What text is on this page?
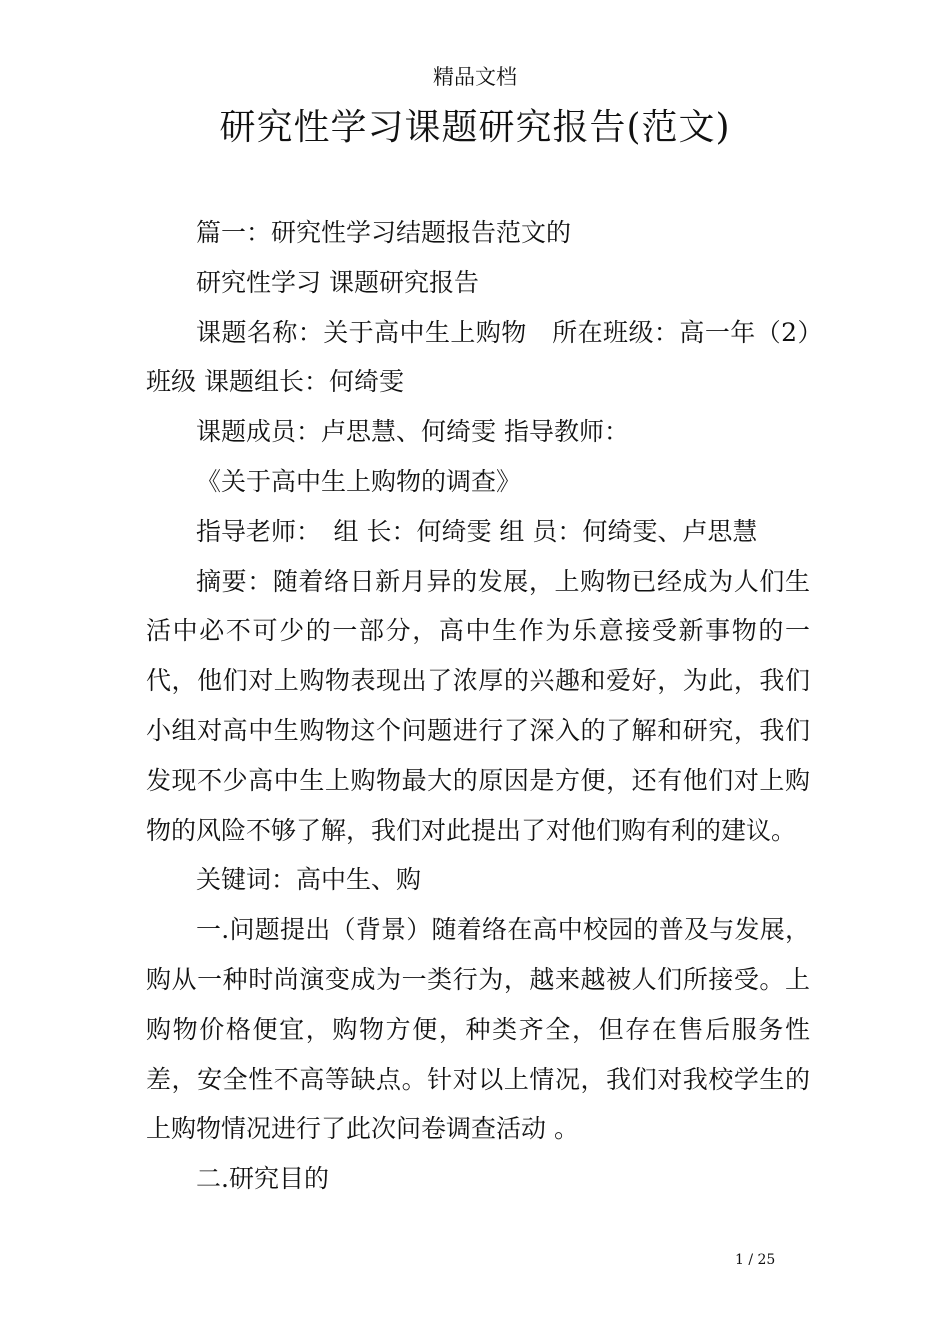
精品文档
研究性学习课题研究报告(范文)

篇一：研究性学习结题报告范文的

研究性学习 课题研究报告

课题名称：关于高中生上购物　所在班级：高一年（2）班级 课题组长：何绮雯

课题成员：卢思慧、何绮雯 指导教师：

《关于高中生上购物的调查》

指导老师：　组 长：何绮雯 组 员：何绮雯、卢思慧

摘要：随着络日新月异的发展，上购物已经成为人们生活中必不可少的一部分，高中生作为乐意接受新事物的一代，他们对上购物表现出了浓厚的兴趣和爱好，为此，我们小组对高中生购物这个问题进行了深入的了解和研究，我们发现不少高中生上购物最大的原因是方便，还有他们对上购物的风险不够了解，我们对此提出了对他们购有利的建议。

关键词：高中生、购

一.问题提出（背景）随着络在高中校园的普及与发展，购从一种时尚演变成为一类行为，越来越被人们所接受。上购物价格便宜，购物方便，种类齐全，但存在售后服务性差，安全性不高等缺点。针对以上情况，我们对我校学生的上购物情况进行了此次问卷调查活动 。

二.研究目的

1 / 25
